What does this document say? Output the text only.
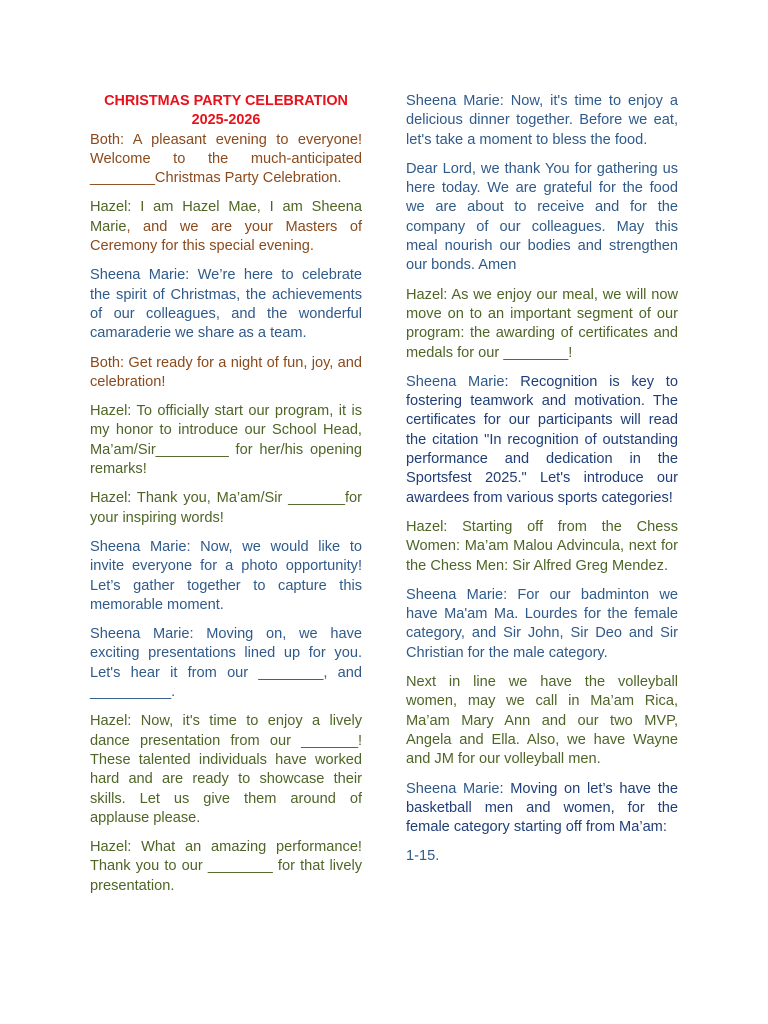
CHRISTMAS PARTY CELEBRATION
2025-2026

Both: A pleasant evening to everyone! Welcome to the much-anticipated ________Christmas Party Celebration.

Hazel: I am Hazel Mae, I am Sheena Marie, and we are your Masters of Ceremony for this special evening.

Sheena Marie: We’re here to celebrate the spirit of Christmas, the achievements of our colleagues, and the wonderful camaraderie we share as a team.

Both: Get ready for a night of fun, joy, and celebration!

Hazel: To officially start our program, it is my honor to introduce our School Head, Ma’am/Sir_________ for her/his opening remarks!

Hazel: Thank you, Ma’am/Sir _______for your inspiring words!

Sheena Marie: Now, we would like to invite everyone for a photo opportunity! Let’s gather together to capture this memorable moment.

Sheena Marie: Moving on, we have exciting presentations lined up for you. Let's hear it from our ________, and __________.

Hazel: Now, it's time to enjoy a lively dance presentation from our _______! These talented individuals have worked hard and are ready to showcase their skills. Let us give them around of applause please.

Hazel: What an amazing performance! Thank you to our ________ for that lively presentation.

Sheena Marie: Now, it's time to enjoy a delicious dinner together. Before we eat, let's take a moment to bless the food.

Dear Lord, we thank You for gathering us here today. We are grateful for the food we are about to receive and for the company of our colleagues. May this meal nourish our bodies and strengthen our bonds. Amen

Hazel: As we enjoy our meal, we will now move on to an important segment of our program: the awarding of certificates and medals for our ________!

Sheena Marie: Recognition is key to fostering teamwork and motivation. The certificates for our participants will read the citation "In recognition of outstanding performance and dedication in the Sportsfest 2025." Let's introduce our awardees from various sports categories!

Hazel: Starting off from the Chess Women: Ma’am Malou Advincula, next for the Chess Men: Sir Alfred Greg Mendez.

Sheena Marie: For our badminton we have Ma'am Ma. Lourdes for the female category, and Sir John, Sir Deo and Sir Christian for the male category.

Next in line we have the volleyball women, may we call in Ma’am Rica, Ma’am Mary Ann and our two MVP, Angela and Ella. Also, we have Wayne and JM for our volleyball men.

Sheena Marie: Moving on let’s have the basketball men and women, for the female category starting off from Ma’am:

1-15.
